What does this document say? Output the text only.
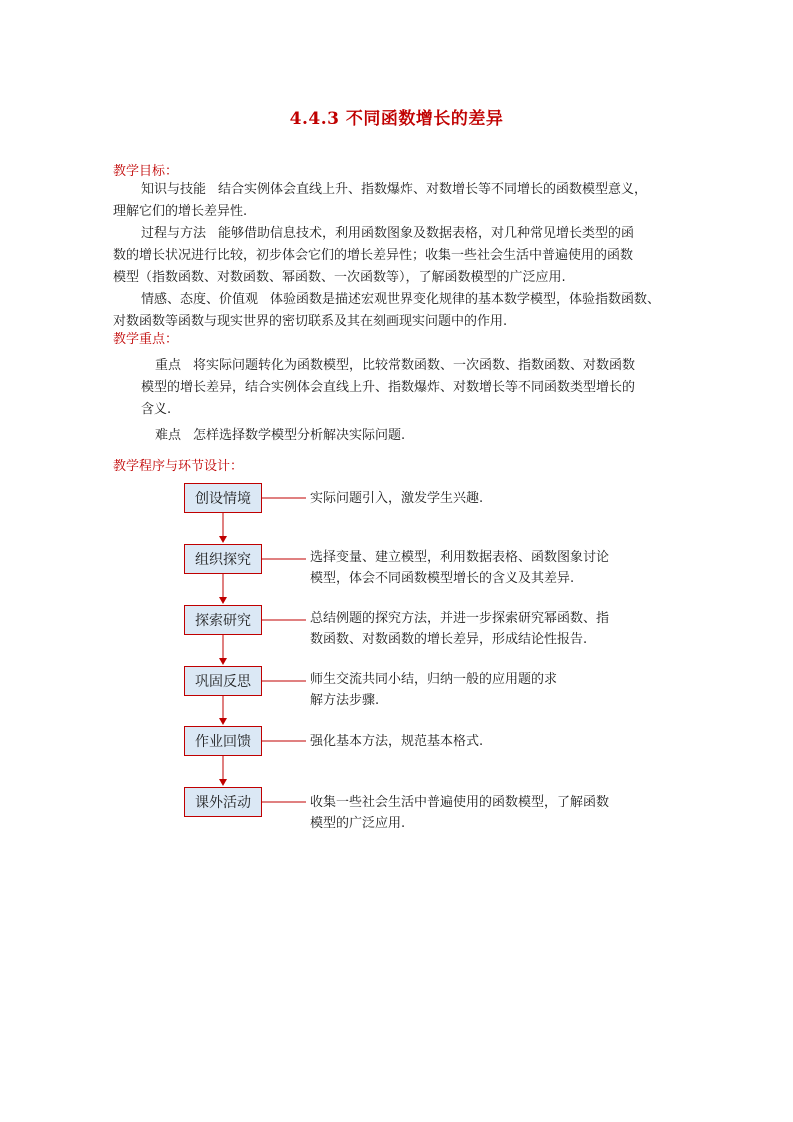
4.4.3 不同函数增长的差异
教学目标：
知识与技能 结合实例体会直线上升、指数爆炸、对数增长等不同增长的函数模型意义，
理解它们的增长差异性.
过程与方法 能够借助信息技术，利用函数图象及数据表格，对几种常见增长类型的函
数的增长状况进行比较，初步体会它们的增长差异性；收集一些社会生活中普遍使用的函数
模型（指数函数、对数函数、幂函数、一次函数等），了解函数模型的广泛应用.
情感、态度、价值观 体验函数是描述宏观世界变化规律的基本数学模型，体验指数函数、
对数函数等函数与现实世界的密切联系及其在刻画现实问题中的作用.
教学重点：
重点 将实际问题转化为函数模型，比较常数函数、一次函数、指数函数、对数函数
模型的增长差异，结合实例体会直线上升、指数爆炸、对数增长等不同函数类型增长的
含义.
难点 怎样选择数学模型分析解决实际问题.
教学程序与环节设计：
创设情境
组织探究
探索研究
巩固反思
作业回馈
课外活动
实际问题引入，激发学生兴趣.
选择变量、建立模型，利用数据表格、函数图象讨论
模型，体会不同函数模型增长的含义及其差异.
总结例题的探究方法，并进一步探索研究幂函数、指
数函数、对数函数的增长差异，形成结论性报告.
师生交流共同小结，归纳一般的应用题的求
解方法步骤.
强化基本方法，规范基本格式.
收集一些社会生活中普遍使用的函数模型，了解函数
模型的广泛应用.
